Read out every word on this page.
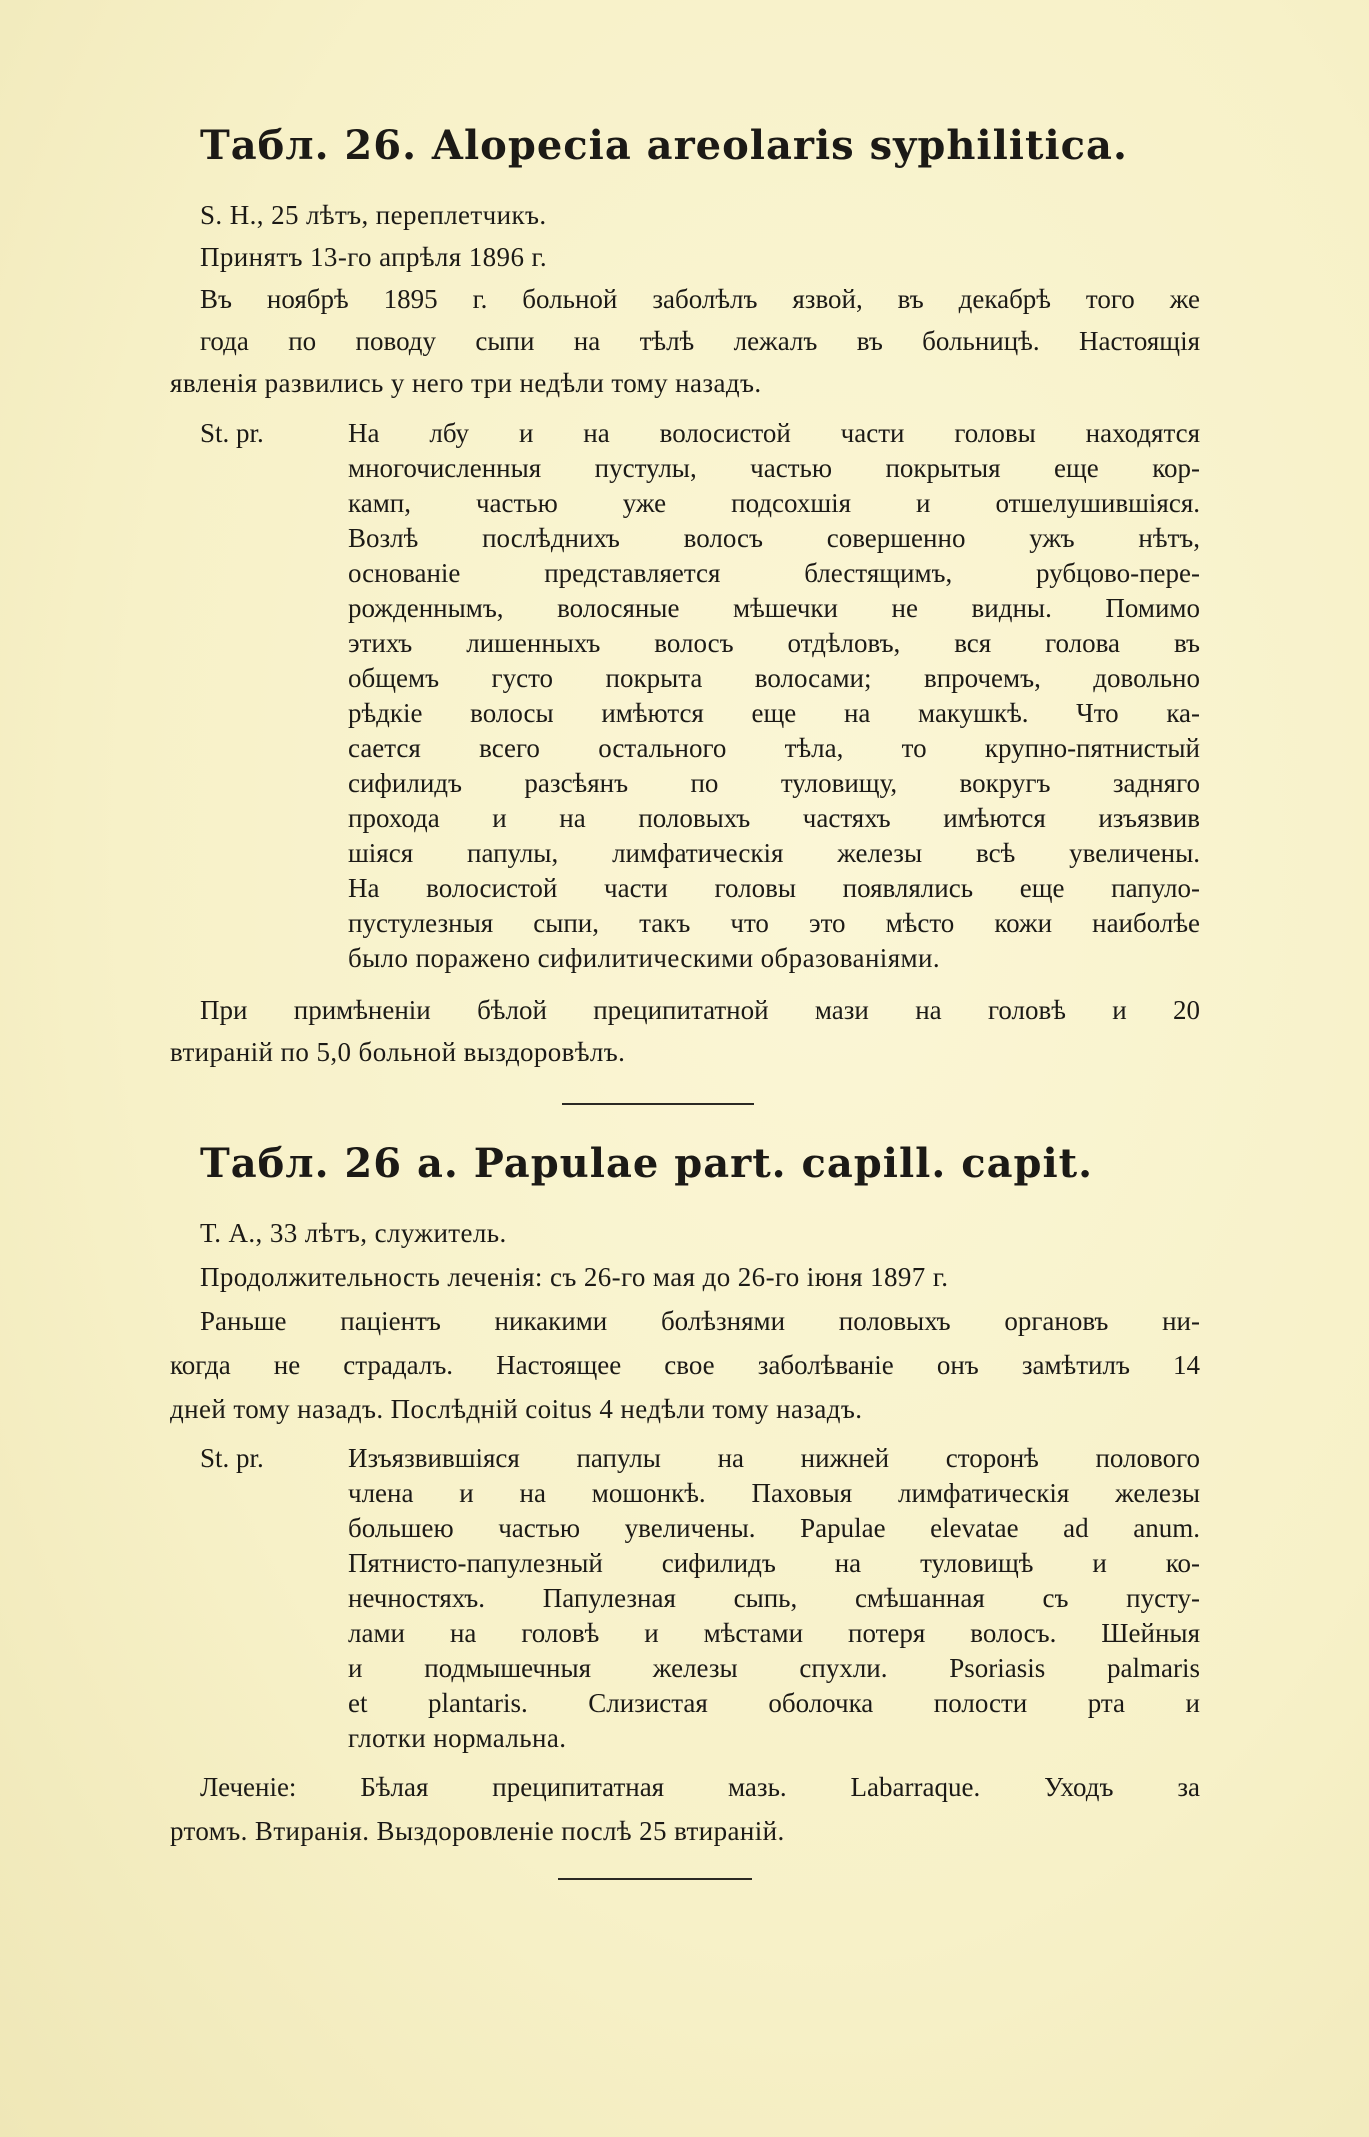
Табл. 26. Alopecia areolaris syphilitica.
S. H., 25 лѣтъ, переплетчикъ.
Принятъ 13-го апрѣля 1896 г.
Въ ноябрѣ 1895 г. больной заболѣлъ язвой, въ декабрѣ того же
года по поводу сыпи на тѣлѣ лежалъ въ больницѣ. Настоящія
явленія развились у него три недѣли тому назадъ.
St. pr.	На лбу и на волосистой части головы находятся
многочисленныя пустулы, частью покрытыя еще кор-
камп, частью уже подсохшія и отшелушившіяся.
Возлѣ послѣднихъ волосъ совершенно ужъ нѣтъ,
основаніе представляется блестящимъ, рубцово-пере-
рожденнымъ, волосяные мѣшечки не видны. Помимо
этихъ лишенныхъ волосъ отдѣловъ, вся голова въ
общемъ густо покрыта волосами; впрочемъ, довольно
рѣдкіе волосы имѣются еще на макушкѣ. Что ка-
сается всего остального тѣла, то крупно-пятнистый
сифилидъ разсѣянъ по туловищу, вокругъ задняго
прохода и на половыхъ частяхъ имѣются изъязвив
шіяся папулы, лимфатическія железы всѣ увеличены.
На волосистой части головы появлялись еще папуло-
пустулезныя сыпи, такъ что это мѣсто кожи наиболѣе
было поражено сифилитическими образованіями.
При примѣненіи бѣлой преципитатной мази на головѣ и 20
втираній по 5,0 больной выздоровѣлъ.
Табл. 26 a. Papulae part. capill. capit.
Т. А., 33 лѣтъ, служитель.
Продолжительность леченія: съ 26-го мая до 26-го іюня 1897 г.
Раньше паціентъ никакими болѣзнями половыхъ органовъ ни-
когда не страдалъ. Настоящее свое заболѣваніе онъ замѣтилъ 14
дней тому назадъ. Послѣдній coitus 4 недѣли тому назадъ.
St. pr.	Изъязвившіяся папулы на нижней сторонѣ полового
члена и на мошонкѣ. Паховыя лимфатическія железы
большею частью увеличены. Papulae elevatae ad anum.
Пятнисто-папулезный сифилидъ на туловищѣ и ко-
нечностяхъ. Папулезная сыпь, смѣшанная съ пусту-
лами на головѣ и мѣстами потеря волосъ. Шейныя
и подмышечныя железы спухли. Psoriasis palmaris
et plantaris. Слизистая оболочка полости рта и
глотки нормальна.
Леченіе: Бѣлая преципитатная мазь. Labarraque. Уходъ за
ртомъ. Втиранія. Выздоровленіе послѣ 25 втираній.
